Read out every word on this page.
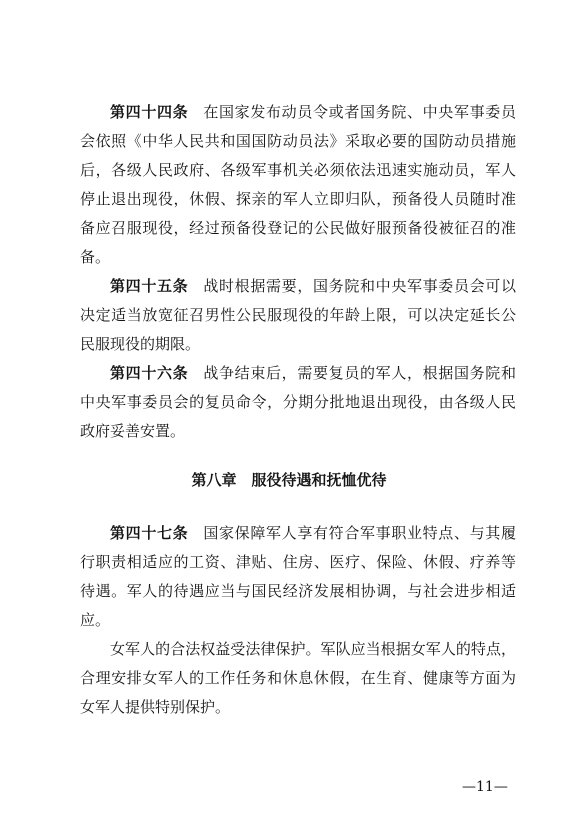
第四十四条 在国家发布动员令或者国务院、中央军事委员
会依照《中华人民共和国国防动员法》采取必要的国防动员措施
后，各级人民政府、各级军事机关必须依法迅速实施动员，军人
停止退出现役，休假、探亲的军人立即归队，预备役人员随时准
备应召服现役，经过预备役登记的公民做好服预备役被征召的准
备。
第四十五条 战时根据需要，国务院和中央军事委员会可以
决定适当放宽征召男性公民服现役的年龄上限，可以决定延长公
民服现役的期限。
第四十六条 战争结束后，需要复员的军人，根据国务院和
中央军事委员会的复员命令，分期分批地退出现役，由各级人民
政府妥善安置。
第八章　服役待遇和抚恤优待
第四十七条 国家保障军人享有符合军事职业特点、与其履
行职责相适应的工资、津贴、住房、医疗、保险、休假、疗养等
待遇。军人的待遇应当与国民经济发展相协调，与社会进步相适
应。
女军人的合法权益受法律保护。军队应当根据女军人的特点，
合理安排女军人的工作任务和休息休假，在生育、健康等方面为
女军人提供特别保护。
—11—
